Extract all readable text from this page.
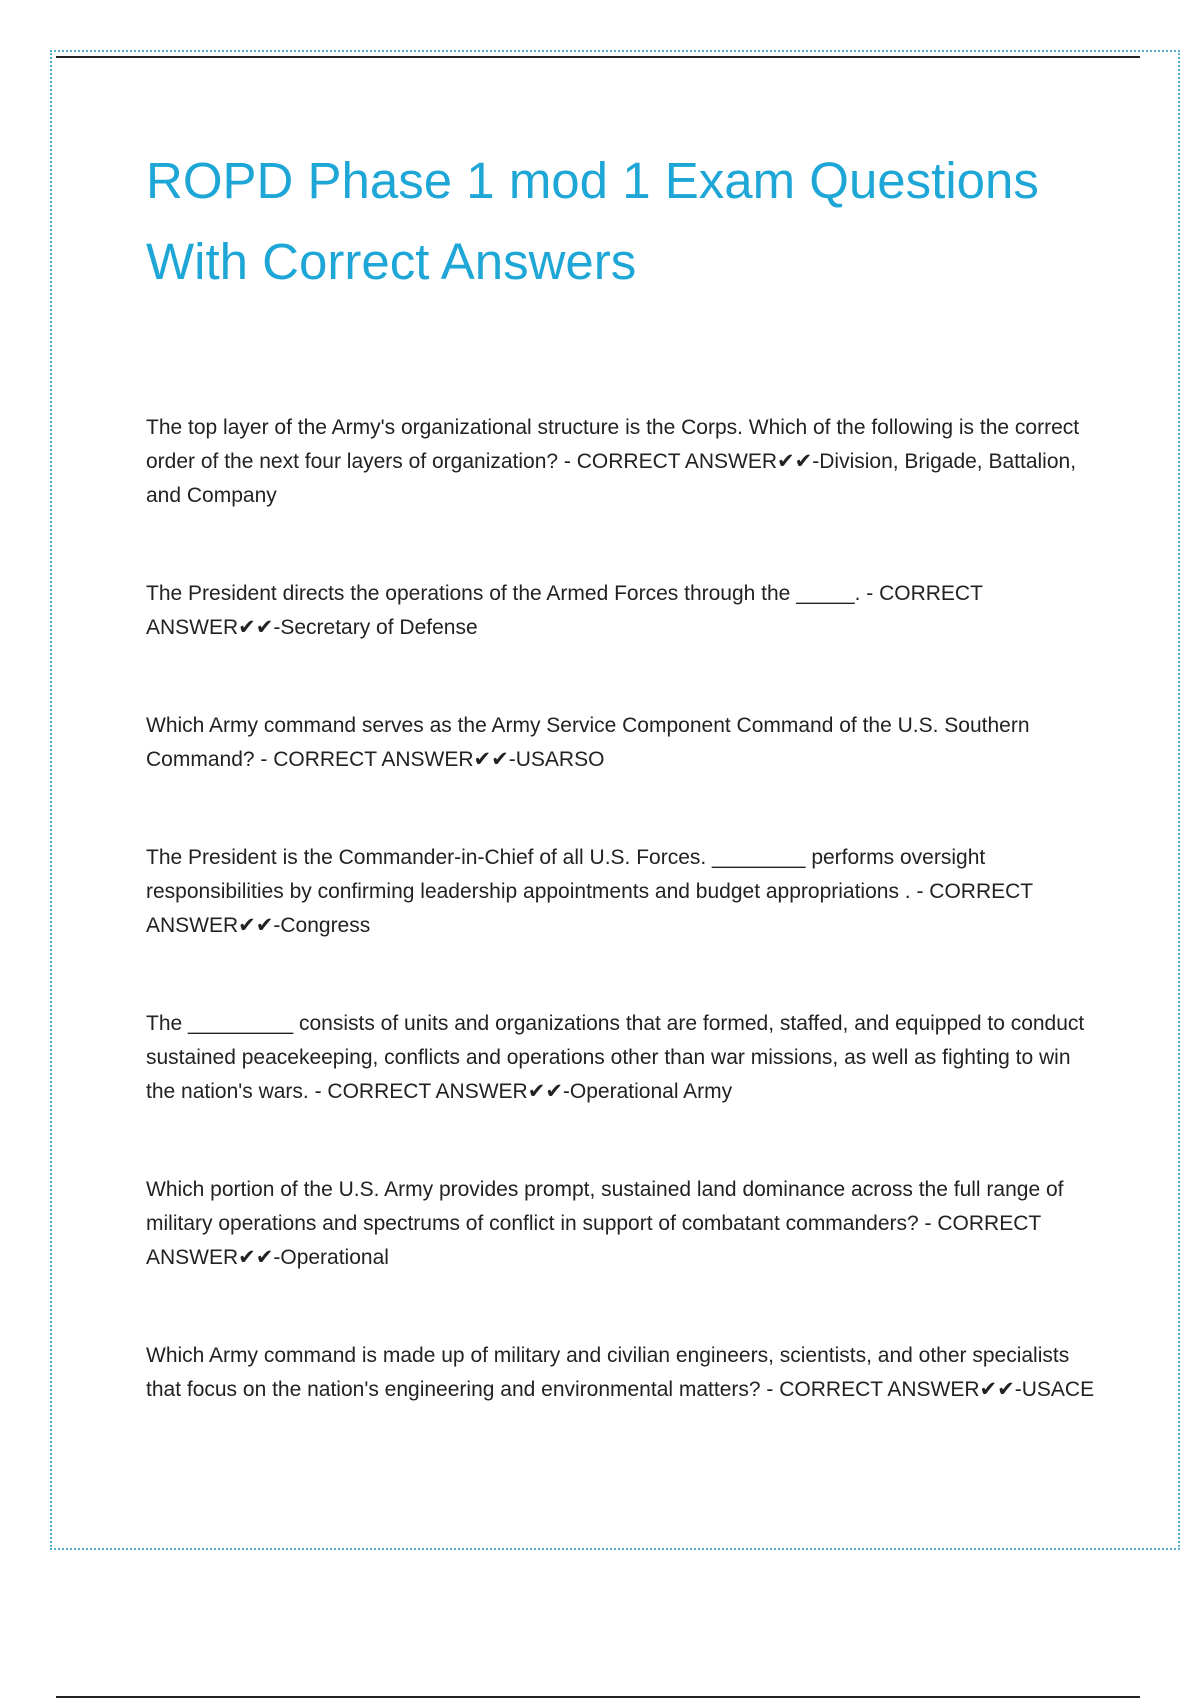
ROPD Phase 1 mod 1 Exam Questions With Correct Answers

The top layer of the Army's organizational structure is the Corps. Which of the following is the correct order of the next four layers of organization? - CORRECT ANSWER✔✔-Division, Brigade, Battalion, and Company

The President directs the operations of the Armed Forces through the _____. - CORRECT ANSWER✔✔-Secretary of Defense

Which Army command serves as the Army Service Component Command of the U.S. Southern Command? - CORRECT ANSWER✔✔-USARSO

The President is the Commander-in-Chief of all U.S. Forces. ________ performs oversight responsibilities by confirming leadership appointments and budget appropriations . - CORRECT ANSWER✔✔-Congress

The _________ consists of units and organizations that are formed, staffed, and equipped to conduct sustained peacekeeping, conflicts and operations other than war missions, as well as fighting to win the nation's wars. - CORRECT ANSWER✔✔-Operational Army

Which portion of the U.S. Army provides prompt, sustained land dominance across the full range of military operations and spectrums of conflict in support of combatant commanders? - CORRECT ANSWER✔✔-Operational

Which Army command is made up of military and civilian engineers, scientists, and other specialists that focus on the nation's engineering and environmental matters? - CORRECT ANSWER✔✔-USACE
